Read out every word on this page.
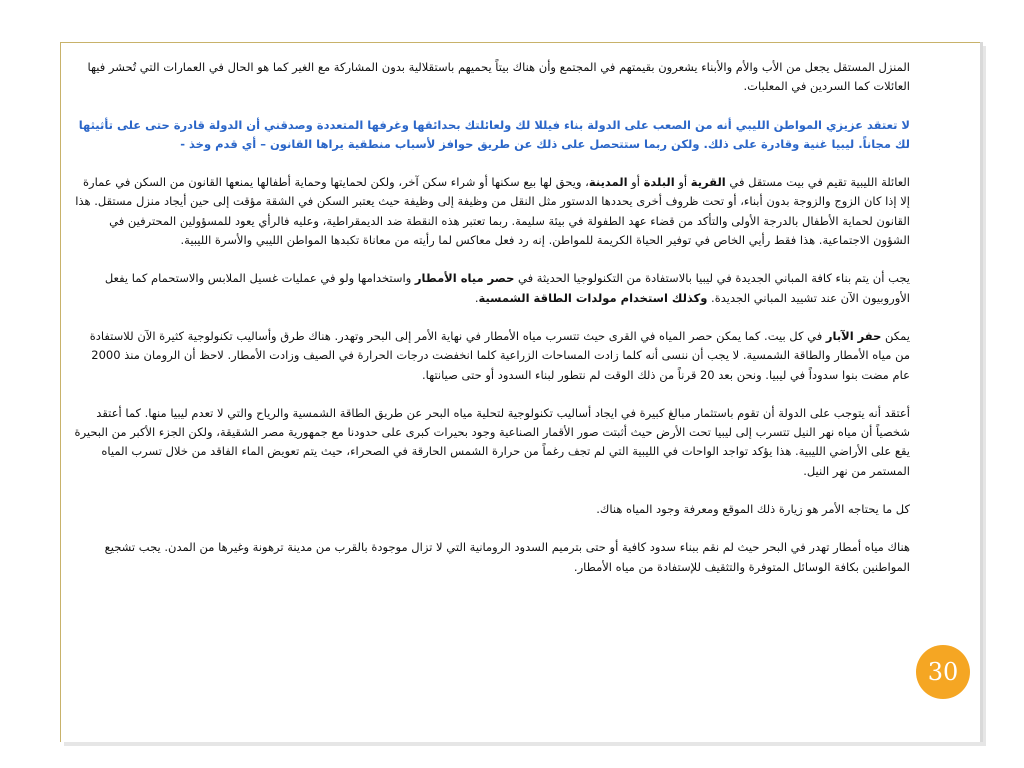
المنزل المستقل يجعل من الأب والأم والأبناء يشعرون بقيمتهم في المجتمع وأن هناك بيتاً يحميهم باستقلالية بدون المشاركة مع الغير كما هو الحال في العمارات التي تُحشر فيها العائلات كما السردين في المعلبات.

لا تعتقد عزيزي المواطن الليبي أنه من الصعب على الدولة بناء فيللا لك ولعائلتك بحدائقها وغرفها المتعددة وصدقني أن الدولة قادرة حتى على تأثيثها لك مجاناً. ليبيا غنية وقادرة على ذلك. ولكن ربما ستتحصل على ذلك عن طريق حوافز لأسباب منطقية يراها القانون – أي قدم وخذ -

العائلة الليبية تقيم في بيت مستقل في القرية أو البلدة أو المدينة، ويحق لها بيع سكنها أو شراء سكن آخر، ولكن لحمايتها وحماية أطفالها يمنعها القانون من السكن في عمارة إلا إذا كان الزوج والزوجة بدون أبناء، أو تحت ظروف أخرى يحددها الدستور مثل النقل من وظيفة إلى وظيفة حيث يعتبر السكن في الشقة مؤقت إلى حين أيجاد منزل مستقل. هذا القانون لحماية الأطفال بالدرجة الأولى والتأكد من قضاء عهد الطفولة في بيئة سليمة. ربما تعتبر هذه النقطة ضد الديمقراطية، وعليه فالرأي يعود للمسؤولين المحترفين في الشؤون الاجتماعية. هذا فقط رأيي الخاص في توفير الحياة الكريمة للمواطن. إنه رد فعل معاكس لما رأيته من معاناة تكبدها المواطن الليبي والأسرة الليبية.

يجب أن يتم بناء كافة المباني الجديدة في ليبيا بالاستفادة من التكنولوجيا الحديثة في حصر مياه الأمطار واستخدامها ولو في عمليات غسيل الملابس والاستحمام كما يفعل الأوروبيون الآن عند تشييد المباني الجديدة. وكذلك استخدام مولدات الطاقة الشمسية.

يمكن حفر الآبار في كل بيت. كما يمكن حصر المياه في القرى حيث تتسرب مياه الأمطار في نهاية الأمر إلى البحر وتهدر. هناك طرق وأساليب تكنولوجية كثيرة الآن للاستفادة من مياه الأمطار والطاقة الشمسية. لا يجب أن ننسى أنه كلما زادت المساحات الزراعية كلما انخفضت درجات الحرارة في الصيف وزادت الأمطار. لاحظ أن الرومان منذ 2000 عام مضت بنوا سدوداً في ليبيا. ونحن بعد 20 قرناً من ذلك الوقت لم نتطور لبناء السدود أو حتى صيانتها.

أعتقد أنه يتوجب على الدولة أن تقوم باستثمار مبالغ كبيرة في ايجاد أساليب تكنولوجية لتحلية مياه البحر عن طريق الطاقة الشمسية والرياح والتي لا تعدم ليبيا منها. كما أعتقد شخصياً أن مياه نهر النيل تتسرب إلى ليبيا تحت الأرض حيث أثبتت صور الأقمار الصناعية وجود بحيرات كبرى على حدودنا مع جمهورية مصر الشقيقة، ولكن الجزء الأكبر من البحيرة يقع على الأراضي الليبية. هذا يؤكد تواجد الواحات في الليبية التي لم تجف رغماً من حرارة الشمس الحارقة في الصحراء، حيث يتم تعويض الماء الفاقد من خلال تسرب المياه المستمر من نهر النيل.

كل ما يحتاجه الأمر هو زيارة ذلك الموقع ومعرفة وجود المياه هناك.

هناك مياه أمطار تهدر في البحر حيث لم نقم ببناء سدود كافية أو حتى بترميم السدود الرومانية التي لا تزال موجودة بالقرب من مدينة ترهونة وغيرها من المدن. يجب تشجيع المواطنين بكافة الوسائل المتوفرة والتثقيف للإستفادة من مياه الأمطار.

30
